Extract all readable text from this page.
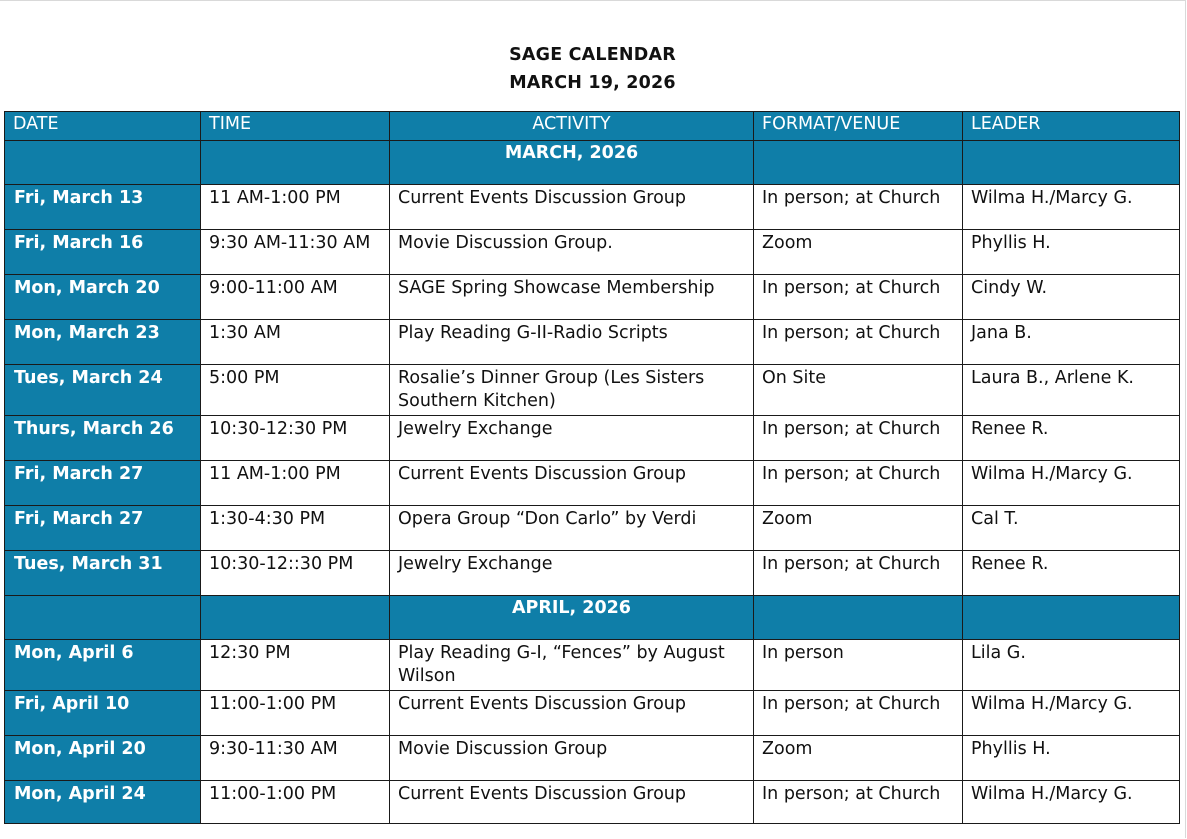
SAGE CALENDAR
MARCH 19, 2026
DATE	TIME	ACTIVITY	FORMAT/VENUE	LEADER
		MARCH, 2026		
Fri, March 13	11 AM-1:00 PM	Current Events Discussion Group	In person; at Church	Wilma H./Marcy G.
Fri, March 16	9:30 AM-11:30 AM	Movie Discussion Group.	Zoom	Phyllis H.
Mon, March 20	9:00-11:00 AM	SAGE Spring Showcase Membership	In person; at Church	Cindy W.
Mon, March 23	1:30 AM	Play Reading G-II-Radio Scripts	In person; at Church	Jana B.
Tues, March 24	5:00 PM	Rosalie’s Dinner Group (Les Sisters Southern Kitchen)	On Site	Laura B., Arlene K.
Thurs, March 26	10:30-12:30 PM	Jewelry Exchange	In person; at Church	Renee R.
Fri, March 27	11 AM-1:00 PM	Current Events Discussion Group	In person; at Church	Wilma H./Marcy G.
Fri, March 27	1:30-4:30 PM	Opera Group “Don Carlo” by Verdi	Zoom	Cal T.
Tues, March 31	10:30-12::30 PM	Jewelry Exchange	In person; at Church	Renee R.
		APRIL, 2026		
Mon, April 6	12:30 PM	Play Reading G-I, “Fences” by August Wilson	In person	Lila G.
Fri, April 10	11:00-1:00 PM	Current Events Discussion Group	In person; at Church	Wilma H./Marcy G.
Mon, April 20	9:30-11:30 AM	Movie Discussion Group	Zoom	Phyllis H.
Mon, April 24	11:00-1:00 PM	Current Events Discussion Group	In person; at Church	Wilma H./Marcy G.
